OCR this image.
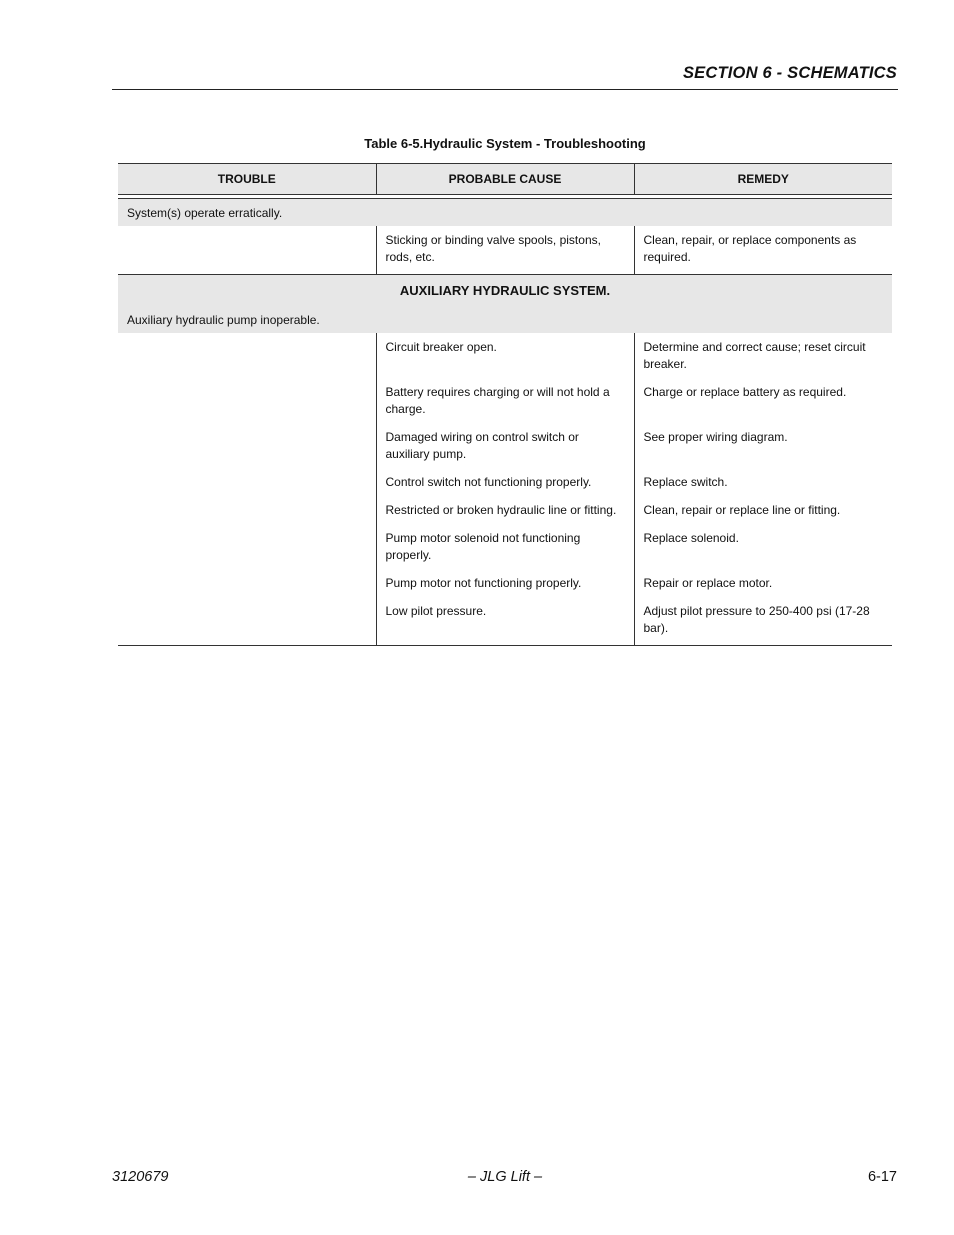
SECTION 6 - SCHEMATICS
Table 6-5.Hydraulic System - Troubleshooting
TROUBLE	PROBABLE CAUSE	REMEDY

System(s) operate erratically.		
	Sticking or binding valve spools, pistons, rods, etc.	Clean, repair, or replace components as required.
AUXILIARY HYDRAULIC SYSTEM.		
Auxiliary hydraulic pump inoperable.		
	Circuit breaker open.	Determine and correct cause; reset circuit breaker.
	Battery requires charging or will not hold a charge.	Charge or replace battery as required.
	Damaged wiring on control switch or auxiliary pump.	See proper wiring diagram.
	Control switch not functioning properly.	Replace switch.
	Restricted or broken hydraulic line or fitting.	Clean, repair or replace line or fitting.
	Pump motor solenoid not functioning properly.	Replace solenoid.
	Pump motor not functioning properly.	Repair or replace motor.
	Low pilot pressure.	Adjust pilot pressure to 250-400 psi (17-28 bar).
3120679	– JLG Lift –	6-17
